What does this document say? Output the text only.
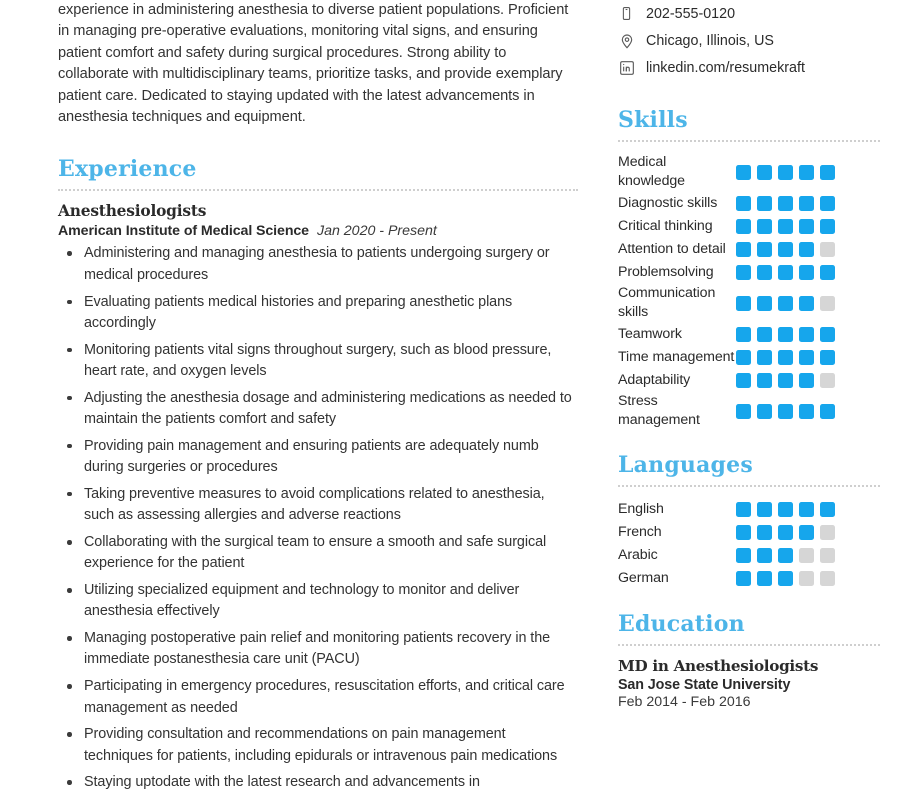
experience in administering anesthesia to diverse patient populations. Proficient in managing pre-operative evaluations, monitoring vital signs, and ensuring patient comfort and safety during surgical procedures. Strong ability to collaborate with multidisciplinary teams, prioritize tasks, and provide exemplary patient care. Dedicated to staying updated with the latest advancements in anesthesia techniques and equipment.

Experience
Anesthesiologists

American Institute of Medical Science Jan 2020 - Present

Administering and managing anesthesia to patients undergoing surgery or medical procedures
Evaluating patients medical histories and preparing anesthetic plans accordingly
Monitoring patients vital signs throughout surgery, such as blood pressure, heart rate, and oxygen levels
Adjusting the anesthesia dosage and administering medications as needed to maintain the patients comfort and safety
Providing pain management and ensuring patients are adequately numb during surgeries or procedures
Taking preventive measures to avoid complications related to anesthesia, such as assessing allergies and adverse reactions
Collaborating with the surgical team to ensure a smooth and safe surgical experience for the patient
Utilizing specialized equipment and technology to monitor and deliver anesthesia effectively
Managing postoperative pain relief and monitoring patients recovery in the immediate postanesthesia care unit (PACU)
Participating in emergency procedures, resuscitation efforts, and critical care management as needed
Providing consultation and recommendations on pain management techniques for patients, including epidurals or intravenous pain medications
Staying uptodate with the latest research and advancements in
202-555-0120
Chicago, Illinois, US
linkedin.com/resumekraft
Skills
Medical knowledge
Diagnostic skills
Critical thinking
Attention to detail
Problemsolving
Communication skills
Teamwork
Time management
Adaptability
Stress management
Languages
English
French
Arabic
German
Education
MD in Anesthesiologists
San Jose State University
Feb 2014 - Feb 2016
